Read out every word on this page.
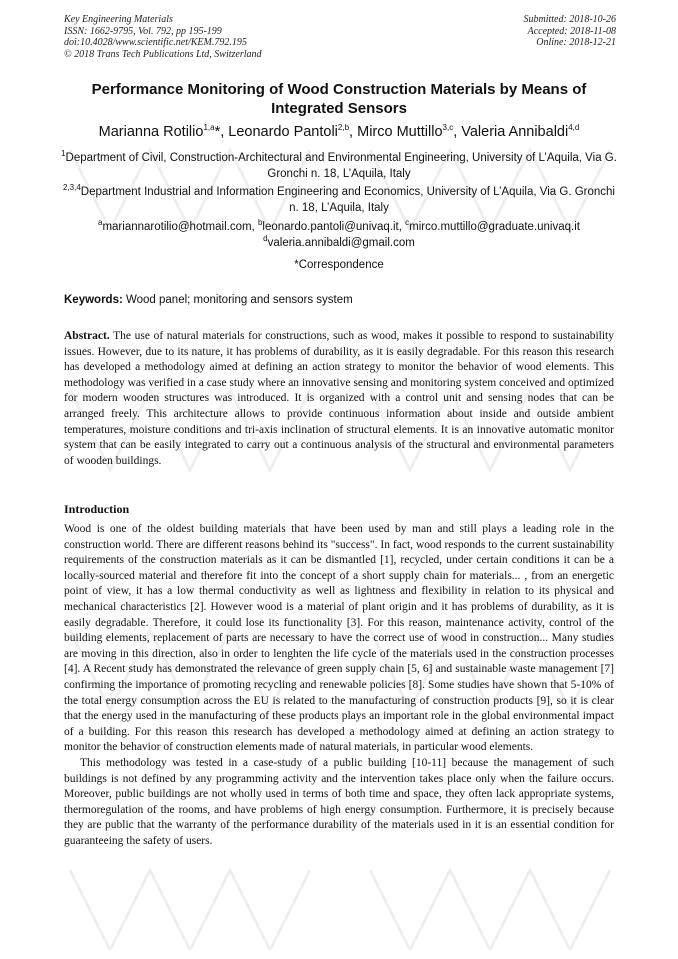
Key Engineering Materials
ISSN: 1662-9795, Vol. 792, pp 195-199
doi:10.4028/www.scientific.net/KEM.792.195
© 2018 Trans Tech Publications Ltd, Switzerland
Submitted: 2018-10-26
Accepted: 2018-11-08
Online: 2018-12-21
Performance Monitoring of Wood Construction Materials by Means of Integrated Sensors
Marianna Rotilio$^{1,a}$*, Leonardo Pantoli$^{2,b}$, Mirco Muttillo$^{3,c}$, Valeria Annibaldi$^{4,d}$
$^1$Department of Civil, Construction-Architectural and Environmental Engineering, University of L’Aquila, Via G. Gronchi n. 18, L’Aquila, Italy
$^{2,3,4}$Department Industrial and Information Engineering and Economics, University of L’Aquila, Via G. Gronchi n. 18, L’Aquila, Italy
$^a$mariannarotilio@hotmail.com, $^b$leonardo.pantoli@univaq.it, $^c$mirco.muttillo@graduate.univaq.it
$^d$valeria.annibaldi@gmail.com
*Correspondence
Keywords: Wood panel; monitoring and sensors system
Abstract. The use of natural materials for constructions, such as wood, makes it possible to respond to sustainability issues. However, due to its nature, it has problems of durability, as it is easily degradable. For this reason this research has developed a methodology aimed at defining an action strategy to monitor the behavior of wood elements. This methodology was verified in a case study where an innovative sensing and monitoring system conceived and optimized for modern wooden structures was introduced. It is organized with a control unit and sensing nodes that can be arranged freely. This architecture allows to provide continuous information about inside and outside ambient temperatures, moisture conditions and tri-axis inclination of structural elements. It is an innovative automatic monitor system that can be easily integrated to carry out a continuous analysis of the structural and environmental parameters of wooden buildings.
Introduction

Wood is one of the oldest building materials that have been used by man and still plays a leading role in the construction world. There are different reasons behind its "success". In fact, wood responds to the current sustainability requirements of the construction materials as it can be dismantled [1], recycled, under certain conditions it can be a locally-sourced material and therefore fit into the concept of a short supply chain for materials... , from an energetic point of view, it has a low thermal conductivity as well as lightness and flexibility in relation to its physical and mechanical characteristics [2]. However wood is a material of plant origin and it has problems of durability, as it is easily degradable. Therefore, it could lose its functionality [3]. For this reason, maintenance activity, control of the building elements, replacement of parts are necessary to have the correct use of wood in construction... Many studies are moving in this direction, also in order to lenghten the life cycle of the materials used in the construction processes [4]. A Recent study has demonstrated the relevance of green supply chain [5, 6] and sustainable waste management [7] confirming the importance of promoting recycling and renewable policies [8]. Some studies have shown that 5-10% of the total energy consumption across the EU is related to the manufacturing of construction products [9], so it is clear that the energy used in the manufacturing of these products plays an important role in the global environmental impact of a building. For this reason this research has developed a methodology aimed at defining an action strategy to monitor the behavior of construction elements made of natural materials, in particular wood elements.

This methodology was tested in a case-study of a public building [10-11] because the management of such buildings is not defined by any programming activity and the intervention takes place only when the failure occurs. Moreover, public buildings are not wholly used in terms of both time and space, they often lack appropriate systems, thermoregulation of the rooms, and have problems of high energy consumption. Furthermore, it is precisely because they are public that the warranty of the performance durability of the materials used in it is an essential condition for guaranteeing the safety of users.
